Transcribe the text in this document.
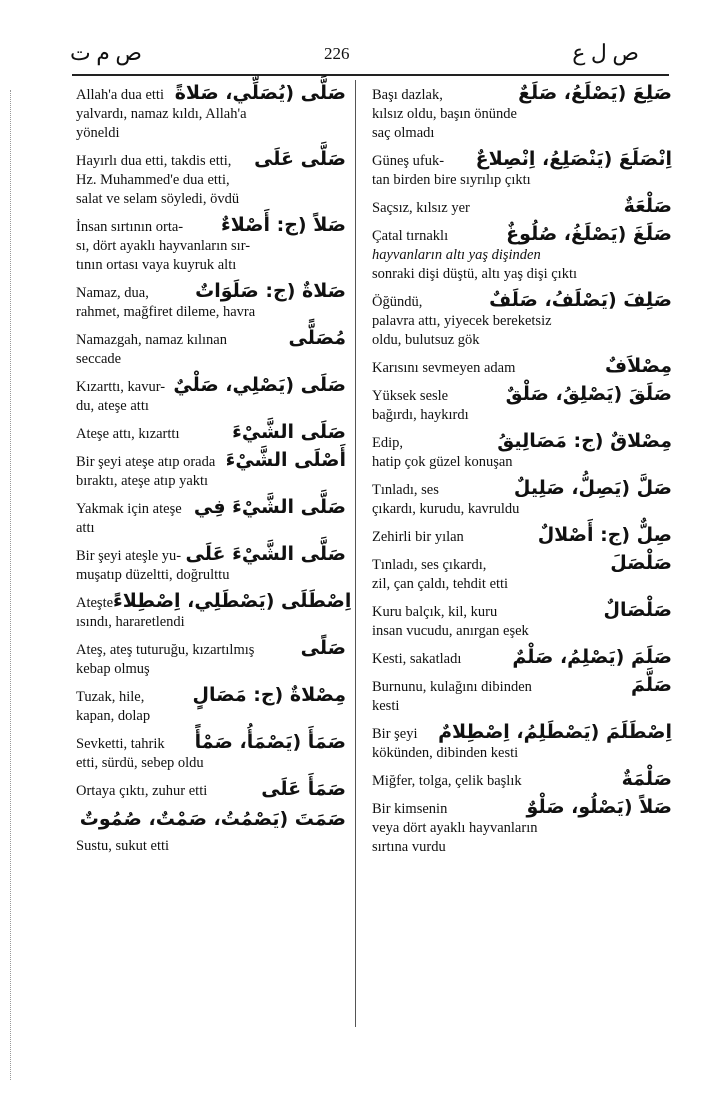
ص م ت	226	ص ل ع
Allah'a dua etti صَلَّى (يُصَلِّي، صَلاةً
yalvardı, namaz kıldı, Allah'a
yöneldi
Hayırlı dua etti, takdis etti, صَلَّى عَلَى
Hz. Muhammed'e dua etti,
salat ve selam söyledi, övdü
İnsan sırtının orta- صَلاً (ج: أَصْلاءٌ
sı, dört ayaklı hayvanların sır-
tının ortası vaya kuyruk altı
Namaz, dua, صَلاةٌ (ج: صَلَوَاتٌ
rahmet, mağfiret dileme, havra
Namazgah, namaz kılınan	مُصَلًّى
seccade
Kızarttı, kavur- صَلَى (يَصْلِي، صَلْيٌ
du, ateşe attı
Ateşe attı, kızarttı	صَلَى الشَّيْءَ
Bir şeyi ateşe atıp orada أَصْلَى الشَّيْءَ
bıraktı, ateşe atıp yaktı
Yakmak için ateşe صَلَّى الشَّيْءَ فِي
attı
Bir şeyi ateşle yu- صَلَّى الشَّيْءَ عَلَى
muşatıp düzeltti, doğrulttu
Ateşte اِصْطَلَى (يَصْطَلِي، اِصْطِلاءً
ısındı, hararetlendi
Ateş, ateş tuturuğu, kızartılmış صَلًى
kebap olmuş
Tuzak, hile,	مِصْلاةٌ (ج: مَصَالٍ
kapan, dolap
Sevketti, tahrik صَمَأَ (يَصْمَأُ، صَمْأً
etti, sürdü, sebep oldu
Ortaya çıktı, zuhur etti	صَمَأَ عَلَى
صَمَتَ (يَصْمُتُ، صَمْتٌ، صُمُوتٌ
Sustu, sukut etti
Başı dazlak,	صَلِعَ (يَصْلَعُ، صَلَعٌ
kılsız oldu, başın önünde
saç olmadı
Güneş ufuk- اِنْصَلَعَ (يَنْصَلِعُ، اِنْصِلاعٌ
tan birden bire sıyrılıp çıktı
Saçsız, kılsız yer	صَلْعَةٌ
Çatal tırnaklı	صَلَغَ (يَصْلَغُ، صُلُوغٌ
hayvanların altı yaş dişinden
sonraki dişi düştü, altı yaş dişi çıktı
Öğündü,	صَلِفَ (يَصْلَفُ، صَلَفٌ
palavra attı, yiyecek bereketsiz
oldu, bulutsuz gök
Karısını sevmeyen adam	مِصْلاَفٌ
Yüksek sesle	صَلَقَ (يَصْلِقُ، صَلْقٌ
bağırdı, haykırdı
Edip,	مِصْلاقٌ (ج: مَصَالِيقُ
hatip çok güzel konuşan
Tınladı, ses	صَلَّ (يَصِلُّ، صَلِيلٌ
çıkardı, kurudu, kavruldu
Zehirli bir yılan	صِلٌّ (ج: أَصْلالٌ
Tınladı, ses çıkardı,	صَلْصَلَ
zil, çan çaldı, tehdit etti
Kuru balçık, kil, kuru	صَلْصَالٌ
insan vucudu, anırgan eşek
Kesti, sakatladı	صَلَمَ (يَصْلِمُ، صَلْمٌ
Burnunu, kulağını dibinden	صَلَّمَ
kesti
Bir şeyi اِصْطَلَمَ (يَصْطَلِمُ، اِصْطِلامٌ
kökünden, dibinden kesti
Miğfer, tolga, çelik başlık	صَلْمَةٌ
Bir kimsenin	صَلاً (يَصْلُو، صَلْوٌ
veya dört ayaklı hayvanların
sırtına vurdu
